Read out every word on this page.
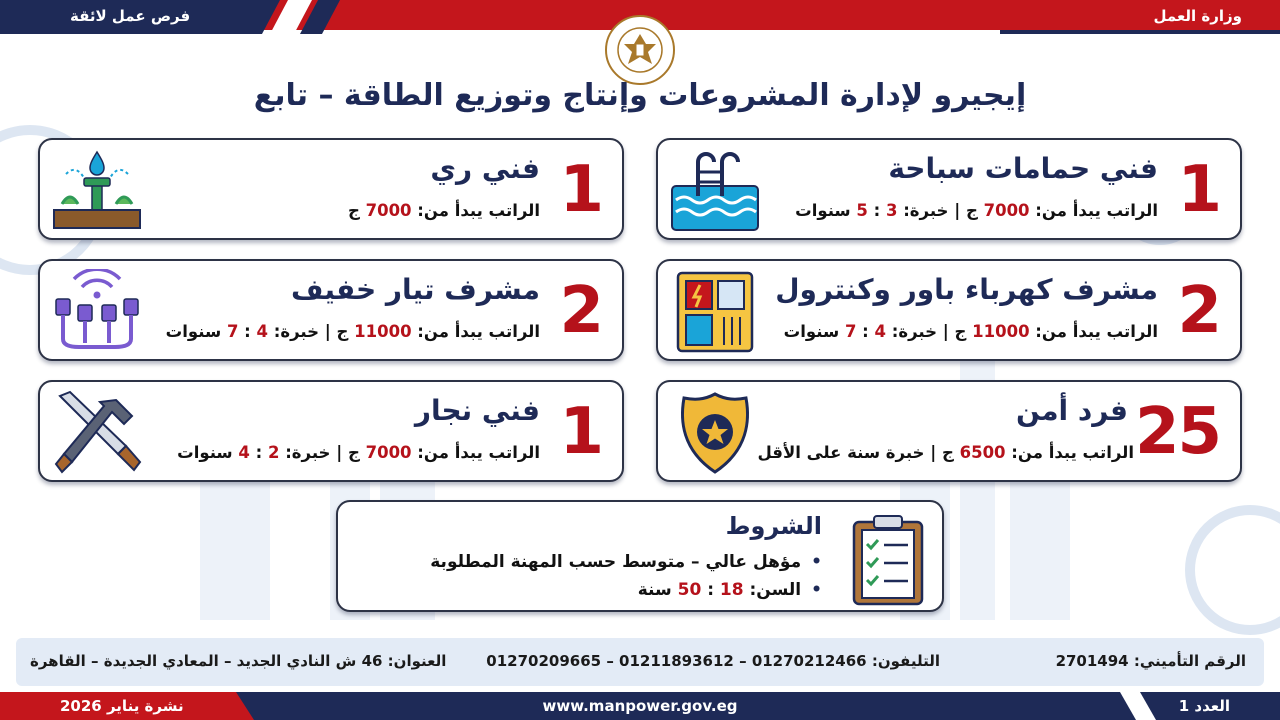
وزارة العمل
فرص عمل لائقة
إيجيرو لإدارة المشروعات وإنتاج وتوزيع الطاقة – تابع
1
فني حمامات سباحة
الراتب يبدأ من: 7000 ج | خبرة: 3 : 5 سنوات
1
فني ري
الراتب يبدأ من: 7000 ج
2
مشرف كهرباء باور وكنترول
الراتب يبدأ من: 11000 ج | خبرة: 4 : 7 سنوات
2
مشرف تيار خفيف
الراتب يبدأ من: 11000 ج | خبرة: 4 : 7 سنوات
25
فرد أمن
الراتب يبدأ من: 6500 ج | خبرة سنة على الأقل
1
فني نجار
الراتب يبدأ من: 7000 ج | خبرة: 2 : 4 سنوات
الشروط
•مؤهل عالي – متوسط حسب المهنة المطلوبة
•السن: 18 : 50 سنة
الرقم التأميني: 2701494
التليفون: 01270212466 – 01211893612 – 01270209665
العنوان: 46 ش النادي الجديد – المعادي الجديدة – القاهرة
العدد 1
www.manpower.gov.eg
نشرة يناير 2026
